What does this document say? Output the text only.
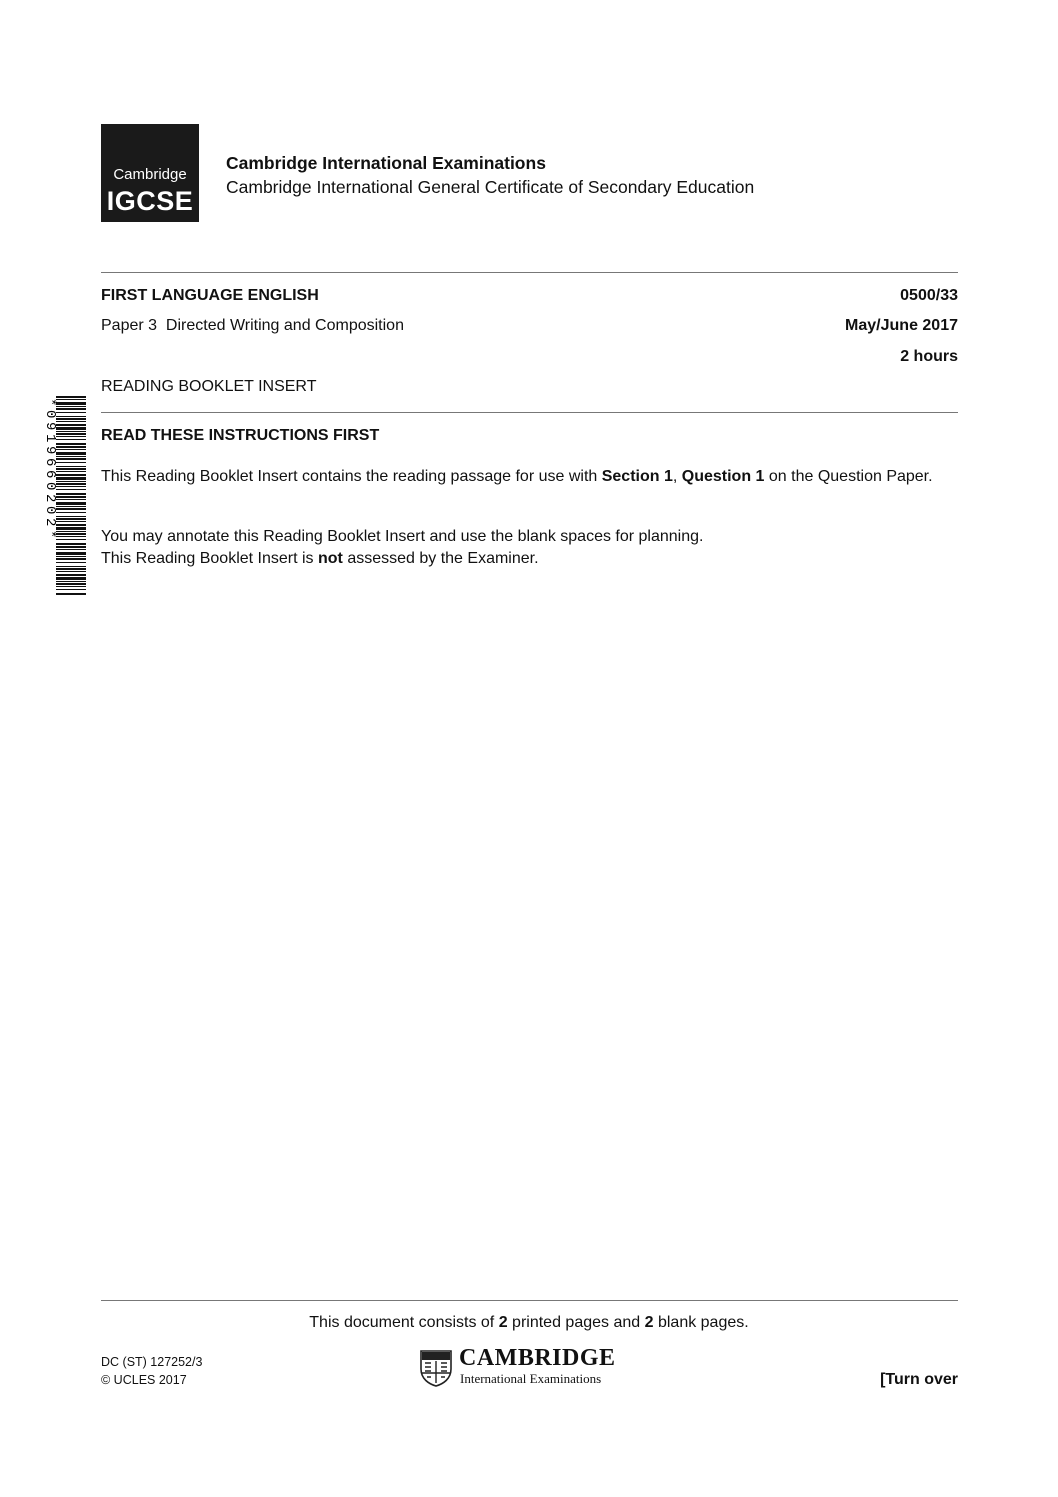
Cambridge
IGCSE
Cambridge International Examinations
Cambridge International General Certificate of Secondary Education
FIRST LANGUAGE ENGLISH	0500/33
Paper 3  Directed Writing and Composition	May/June 2017
2 hours
READING BOOKLET INSERT
READ THESE INSTRUCTIONS FIRST
This Reading Booklet Insert contains the reading passage for use with Section 1, Question 1 on the Question Paper.
You may annotate this Reading Booklet Insert and use the blank spaces for planning.
This Reading Booklet Insert is not assessed by the Examiner.
*0919660202*
This document consists of 2 printed pages and 2 blank pages.
DC (ST) 127252/3
© UCLES 2017
CAMBRIDGE
International Examinations	[Turn over
